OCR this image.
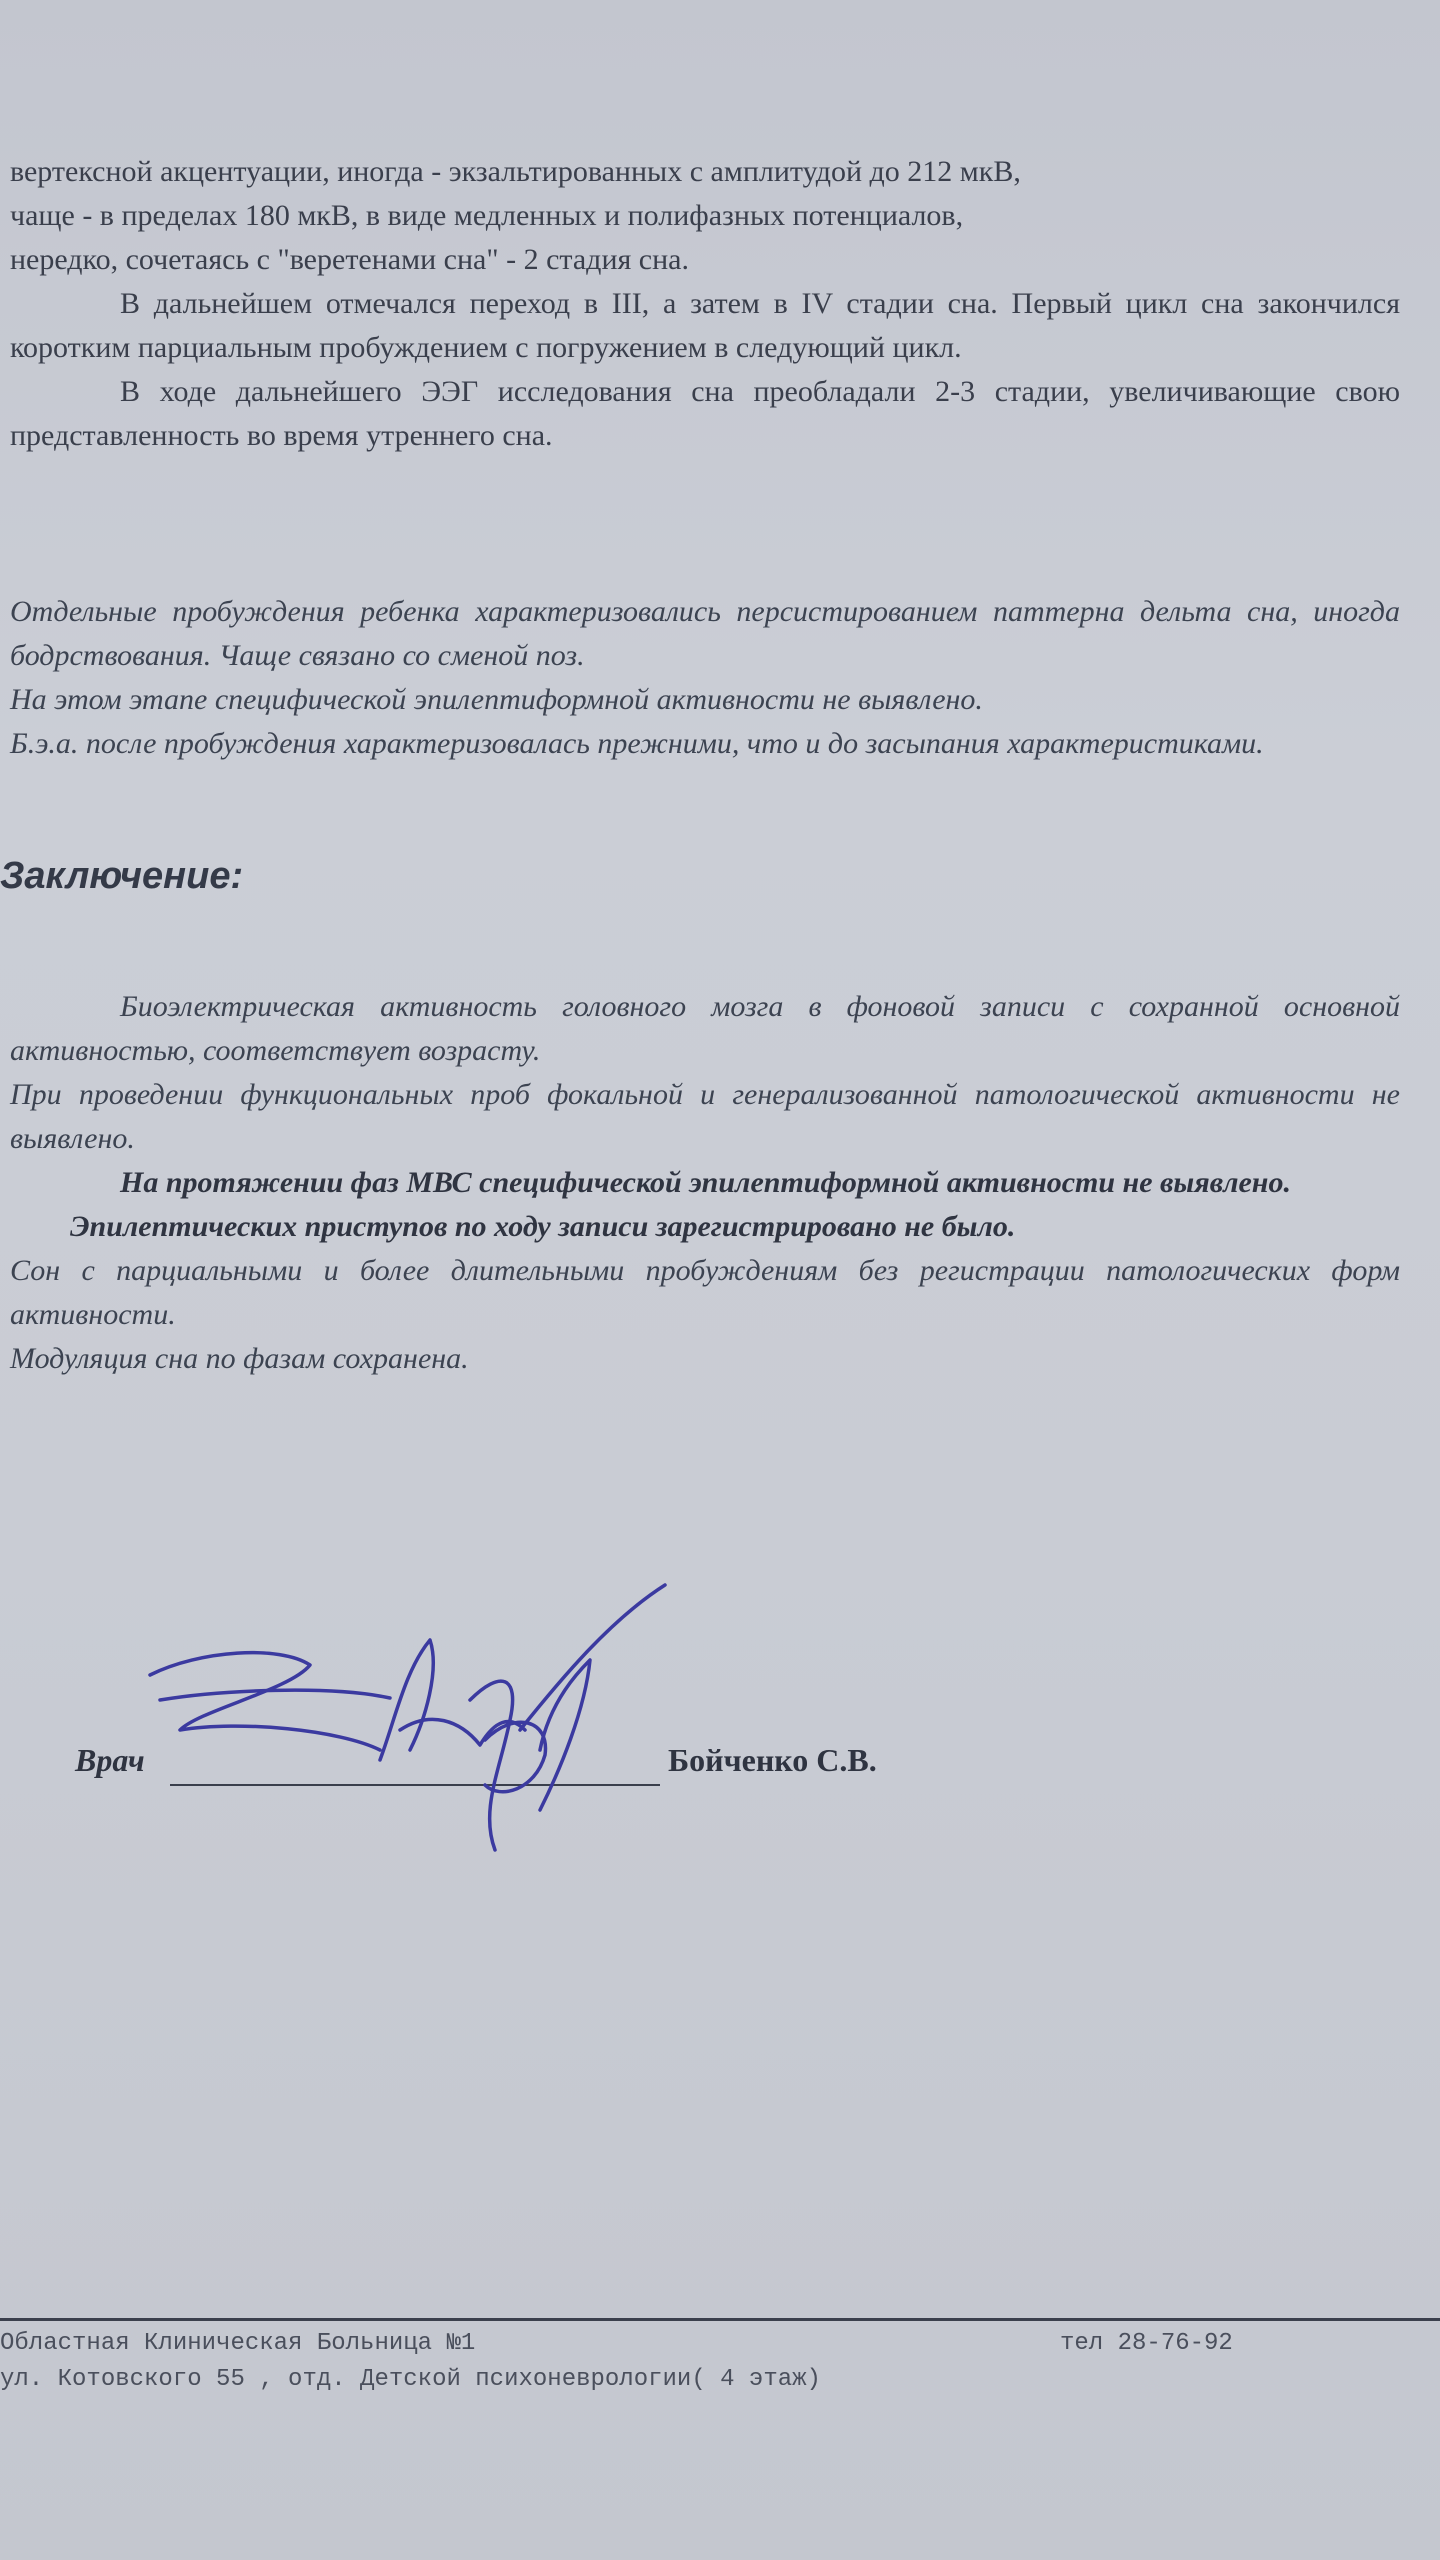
вертексной акцентуации, иногда - экзальтированных с амплитудой до 212 мкВ,

чаще - в пределах 180 мкВ, в виде медленных и полифазных потенциалов,

нередко, сочетаясь с "веретенами сна" - 2 стадия сна.

В дальнейшем отмечался переход в III, а затем в IV стадии сна. Первый цикл сна закончился коротким парциальным пробуждением с погружением в следующий цикл.

В ходе дальнейшего ЭЭГ исследования сна преобладали 2-3 стадии, увеличивающие свою представленность во время утреннего сна.

Отдельные пробуждения ребенка характеризовались персистированием паттерна дельта сна, иногда бодрствования. Чаще связано со сменой поз.

На этом этапе специфической эпилептиформной активности не выявлено.

Б.э.а. после пробуждения характеризовалась прежними, что и до засыпания характеристиками.

Заключение:

Биоэлектрическая активность головного мозга в фоновой записи с сохранной основной активностью, соответствует возрасту.

При проведении функциональных проб фокальной и генерализованной патологической активности не выявлено.

На протяжении фаз МВС специфической эпилептиформной активности не выявлено.

Эпилептических приступов по ходу записи зарегистрировано не было.

Сон с парциальными и более длительными пробуждениям без регистрации патологических форм активности.

Модуляция сна по фазам сохранена.

Врач	Бойченко С.В.
Областная Клиническая Больница №1	тел 28-76-92
ул. Котовского 55 , отд. Детской психоневрологии( 4 этаж)
